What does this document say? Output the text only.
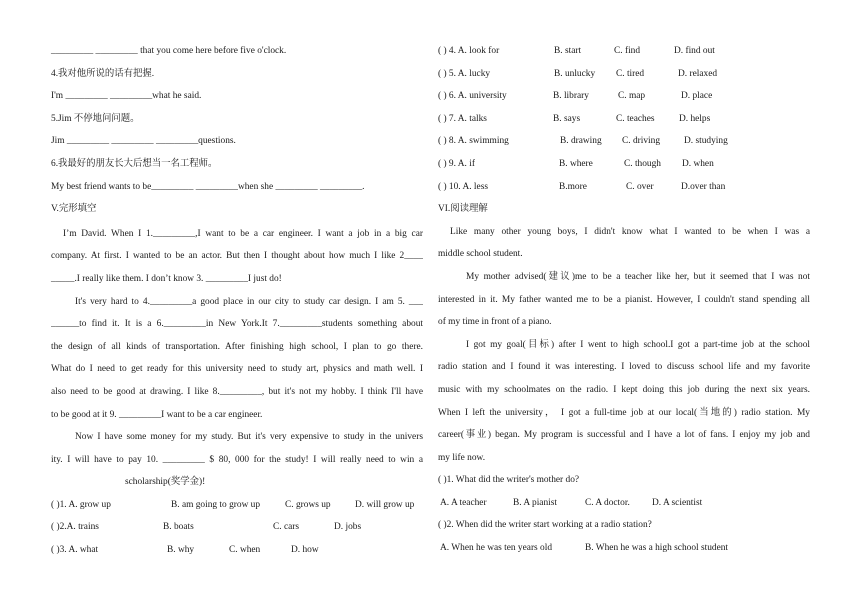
_________ _________ that you come here before five o'clock.
4.我对他所说的话有把握.
I'm _________ _________what he said.
5.Jim 不停地问问题。
Jim _________ _________ _________questions.
6.我最好的朋友长大后想当一名工程师。
My best friend wants to be_________ _________when she _________ _________.
V.完形填空
I’m David. When I 1._________,I want to be a car engineer. I want a job in a big car
company. At first. I wanted to be an actor. But then I thought about how much I like 2____
_____.I really like them. I don’t know 3. _________I just do!
It's very hard to 4._________a good place in our city to study car design. I am 5. ___
______to find it. It is a 6._________in New York.It 7._________students something about
the design of all kinds of transportation. After finishing high school, I plan to go there.
What do I need to get ready for this university need to study art, physics and math well. I
also need to be good at drawing. I like 8._________, but it's not my hobby. I think I'll have
to be good at it 9. _________I want to be a car engineer.
Now I have some money for my study. But it's very expensive to study in the univers
ity. I will have to pay 10. _________ $ 80, 000 for the study! I will really need to win a
scholarship(奖学金)!
( )1. A. grow up	B. am going to grow up	C. grows up	D. will grow up
( )2.A. trains	B. boats	C. cars	D. jobs
( )3. A. what	B. why	C. when	D. how
( ) 4. A. look for	B. start	C. find	D. find out
( ) 5. A. lucky	B. unlucky	C. tired	D. relaxed
( ) 6. A. university	B. library	C. map	D. place
( ) 7. A. talks	B. says	C. teaches	D. helps
( ) 8. A. swimming	B. drawing	C. driving	D. studying
( ) 9. A. if	B. where	C. though	D. when
( ) 10. A. less	B.more	C. over	D.over than
VI.阅读理解
Like many other young boys, I didn't know what I wanted to be when I was a
middle school student.
My mother advised(建议)me to be a teacher like her, but it seemed that I was not
interested in it. My father wanted me to be a pianist. However, I couldn't stand spending all
of my time in front of a piano.
I got my goal(目标) after I went to high school.I got a part-time job at the school
radio station and I found it was interesting. I loved to discuss school life and my favorite
music with my schoolmates on the radio. I kept doing this job during the next six years.
When I left the university， I got a full-time job at our local(当地的) radio station. My
career(事业) began. My program is successful and I have a lot of fans. I enjoy my job and
my life now.
( )1. What did the writer's mother do?
A. A teacher	B. A pianist	C. A doctor.	D. A scientist
( )2. When did the writer start working at a radio station?
A. When he was ten years old	B. When he was a high school student
